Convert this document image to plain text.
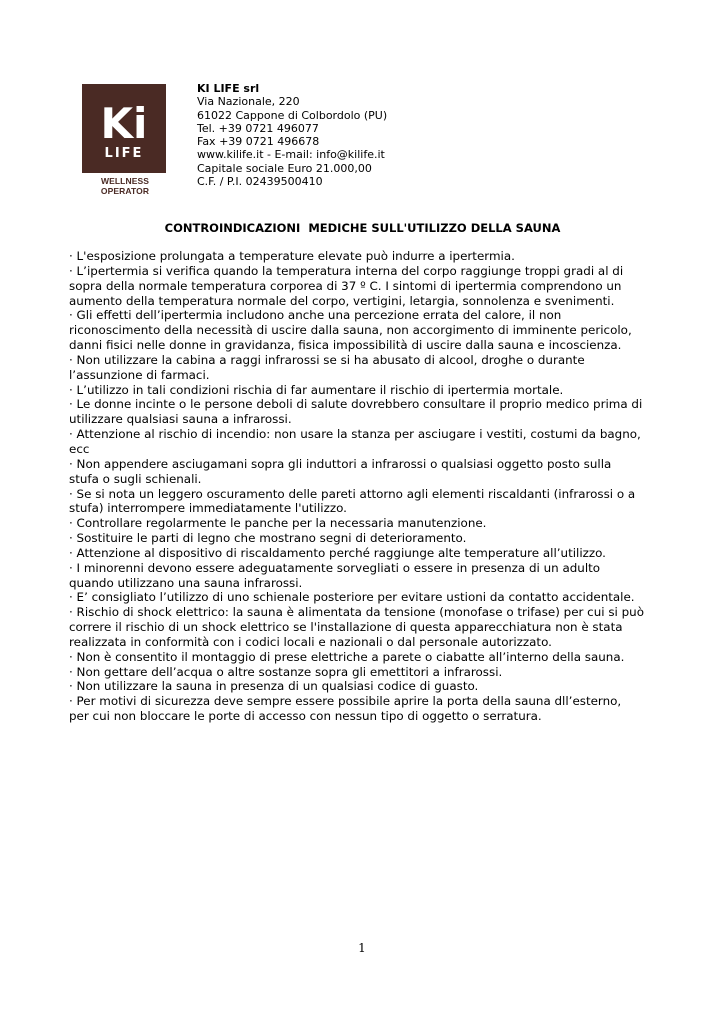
Ki
LIFE
WELLNESS OPERATOR
KI LIFE srl
Via Nazionale, 220
61022 Cappone di Colbordolo (PU)
Tel. +39 0721 496077
Fax +39 0721 496678
www.kilife.it - E-mail: info@kilife.it
Capitale sociale Euro 21.000,00
C.F. / P.I. 02439500410
CONTROINDICAZIONI  MEDICHE SULL'UTILIZZO DELLA SAUNA

· L'esposizione prolungata a temperature elevate può indurre a ipertermia.

· L’ipertermia si verifica quando la temperatura interna del corpo raggiunge troppi gradi al di sopra della normale temperatura corporea di 37 º C. I sintomi di ipertermia comprendono un aumento della temperatura normale del corpo, vertigini, letargia, sonnolenza e svenimenti.

· Gli effetti dell’ipertermia includono anche una percezione errata del calore, il non riconoscimento della necessità di uscire dalla sauna, non accorgimento di imminente pericolo, danni fisici nelle donne in gravidanza, fisica impossibilità di uscire dalla sauna e incoscienza.

· Non utilizzare la cabina a raggi infrarossi se si ha abusato di alcool, droghe o durante l’assunzione di farmaci.

· L’utilizzo in tali condizioni rischia di far aumentare il rischio di ipertermia mortale.

· Le donne incinte o le persone deboli di salute dovrebbero consultare il proprio medico prima di utilizzare qualsiasi sauna a infrarossi.

· Attenzione al rischio di incendio: non usare la stanza per asciugare i vestiti, costumi da bagno, ecc

· Non appendere asciugamani sopra gli induttori a infrarossi o qualsiasi oggetto posto sulla stufa o sugli schienali.

· Se si nota un leggero oscuramento delle pareti attorno agli elementi riscaldanti (infrarossi o a stufa) interrompere immediatamente l'utilizzo.

· Controllare regolarmente le panche per la necessaria manutenzione.

· Sostituire le parti di legno che mostrano segni di deterioramento.

· Attenzione al dispositivo di riscaldamento perché raggiunge alte temperature all’utilizzo.

· I minorenni devono essere adeguatamente sorvegliati o essere in presenza di un adulto quando utilizzano una sauna infrarossi.

· E’ consigliato l’utilizzo di uno schienale posteriore per evitare ustioni da contatto accidentale.

· Rischio di shock elettrico: la sauna è alimentata da tensione (monofase o trifase) per cui si può correre il rischio di un shock elettrico se l'installazione di questa apparecchiatura non è stata realizzata in conformità con i codici locali e nazionali o dal personale autorizzato.

· Non è consentito il montaggio di prese elettriche a parete o ciabatte all’interno della sauna.

· Non gettare dell’acqua o altre sostanze sopra gli emettitori a infrarossi.

· Non utilizzare la sauna in presenza di un qualsiasi codice di guasto.

· Per motivi di sicurezza deve sempre essere possibile aprire la porta della sauna dll’esterno, per cui non bloccare le porte di accesso con nessun tipo di oggetto o serratura.

1
